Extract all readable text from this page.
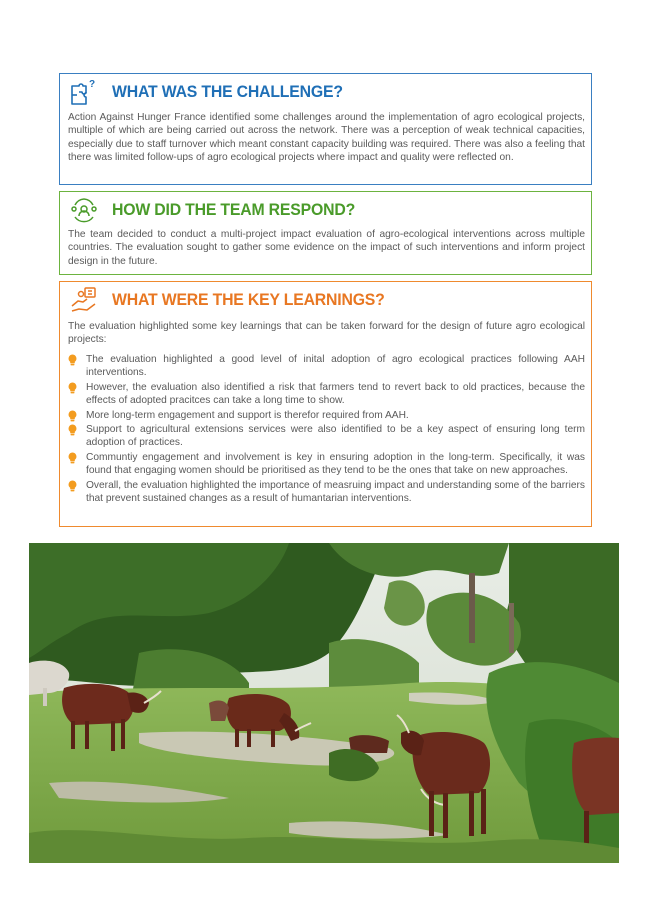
? WHAT WAS THE CHALLENGE?

Action Against Hunger France identified some challenges around the implementation of agro ecological projects, multiple of which are being carried out across the network. There was a perception of weak technical capacities, especially due to staff turnover which meant constant capacity building was required. There was also a feeling that there was limited follow-ups of agro ecological projects where impact and quality were reflected on.

HOW DID THE TEAM RESPOND?

The team decided to conduct a multi-project impact evaluation of agro-ecological interventions across multiple countries. The evaluation sought to gather some evidence on the impact of such interventions and inform project design in the future.

WHAT WERE THE KEY LEARNINGS?

The evaluation highlighted some key learnings that can be taken forward for the design of future agro ecological projects:

The evaluation highlighted a good level of inital adoption of agro ecological practices following AAH interventions.
However, the evaluation also identified a risk that farmers tend to revert back to old practices, because the effects of adopted pracitces can take a long time to show.
More long-term engagement and support is therefor required from AAH.
Support to agricultural extensions services were also identified to be a key aspect of ensuring long term adoption of practices.
Communtiy engagement and involvement is key in ensuring adoption in the long-term. Specifically, it was found that engaging women should be prioritised as they tend to be the ones that take on new approaches.
Overall, the evaluation highlighted the importance of measruing impact and understanding some of the barriers that prevent sustained changes as a result of humantarian interventions.
